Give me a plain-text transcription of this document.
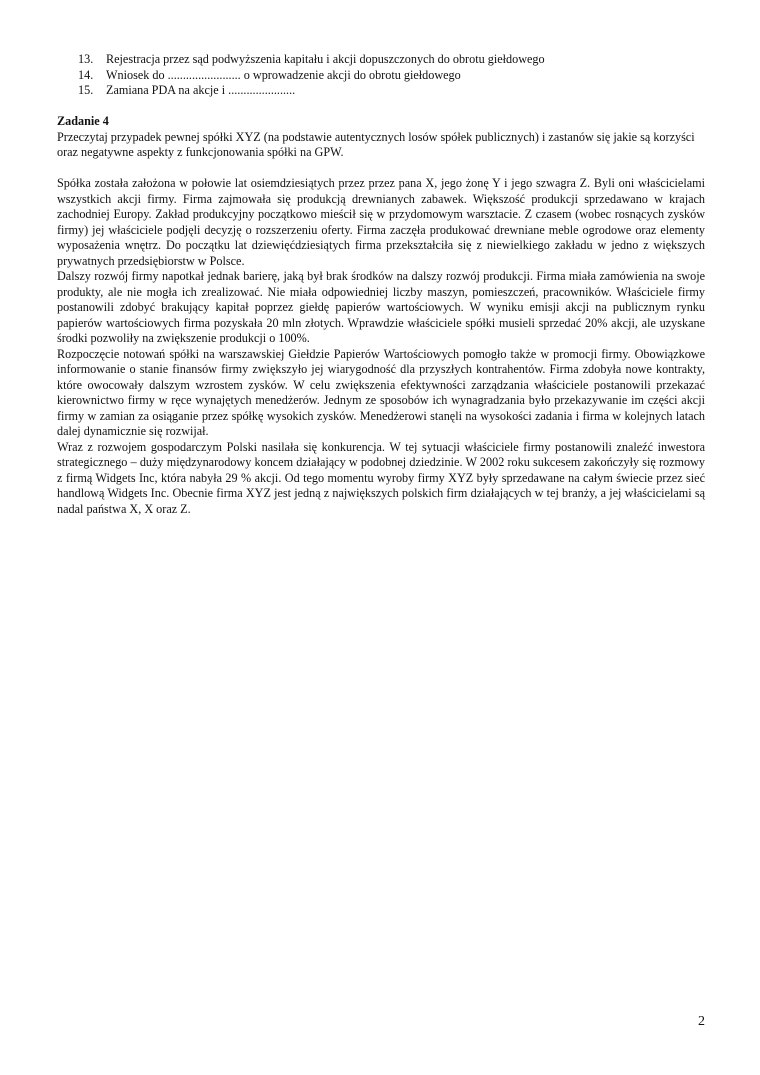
13.	Rejestracja przez sąd podwyższenia kapitału i akcji dopuszczonych do obrotu giełdowego
14.	Wniosek do ........................ o wprowadzenie akcji do obrotu giełdowego
15.	Zamiana PDA na akcje i ......................

Zadanie 4

Przeczytaj przypadek pewnej spółki XYZ (na podstawie autentycznych losów spółek publicznych) i zastanów się jakie są korzyści oraz negatywne aspekty z funkcjonowania spółki na GPW.

Spółka została założona w połowie lat osiemdziesiątych przez przez pana X, jego żonę Y i jego szwagra Z. Byli oni właścicielami wszystkich akcji firmy. Firma zajmowała się produkcją drewnianych zabawek. Większość produkcji sprzedawano w krajach zachodniej Europy. Zakład produkcyjny początkowo mieścił się w przydomowym warsztacie. Z czasem (wobec rosnących zysków firmy) jej właściciele podjęli decyzję o rozszerzeniu oferty. Firma zaczęła produkować drewniane meble ogrodowe oraz elementy wyposażenia wnętrz. Do początku lat dziewięćdziesiątych firma przekształciła się z niewielkiego zakładu w jedno z większych prywatnych przedsiębiorstw w Polsce.

Dalszy rozwój firmy napotkał jednak barierę, jaką był brak środków na dalszy rozwój produkcji. Firma miała zamówienia na swoje produkty, ale nie mogła ich zrealizować. Nie miała odpowiedniej liczby maszyn, pomieszczeń, pracowników. Właściciele firmy postanowili zdobyć brakujący kapitał poprzez giełdę papierów wartościowych. W wyniku emisji akcji na publicznym rynku papierów wartościowych firma pozyskała 20 mln złotych. Wprawdzie właściciele spółki musieli sprzedać 20% akcji, ale uzyskane środki pozwoliły na zwiększenie produkcji o 100%.

Rozpoczęcie notowań spółki na warszawskiej Giełdzie Papierów Wartościowych pomogło także w promocji firmy. Obowiązkowe informowanie o stanie finansów firmy zwiększyło jej wiarygodność dla przyszłych kontrahentów. Firma zdobyła nowe kontrakty, które owocowały dalszym wzrostem zysków. W celu zwiększenia efektywności zarządzania właściciele postanowili przekazać kierownictwo firmy w ręce wynajętych menedżerów. Jednym ze sposobów ich wynagradzania było przekazywanie im części akcji firmy w zamian za osiąganie przez spółkę wysokich zysków. Menedżerowi stanęli na wysokości zadania i firma w kolejnych latach dalej dynamicznie się rozwijał.

Wraz z rozwojem gospodarczym Polski nasilała się konkurencja. W tej sytuacji właściciele firmy postanowili znaleźć inwestora strategicznego – duży międzynarodowy koncem działający w podobnej dziedzinie. W 2002 roku sukcesem zakończyły się rozmowy z firmą Widgets Inc, która nabyła 29 % akcji. Od tego momentu wyroby firmy XYZ były sprzedawane na całym świecie przez sieć handlową Widgets Inc. Obecnie firma XYZ jest jedną z największych polskich firm działających w tej branży, a jej właścicielami są nadal państwa X, X oraz Z.

2
